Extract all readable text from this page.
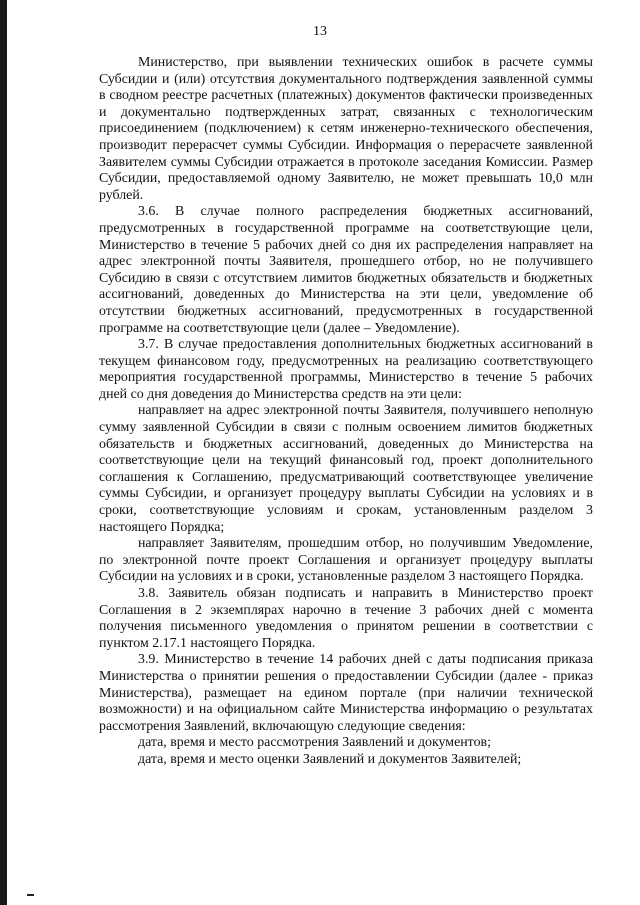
13

Министерство, при выявлении технических ошибок в расчете суммы Субсидии и (или) отсутствия документального подтверждения заявленной суммы в сводном реестре расчетных (платежных) документов фактически произведенных и документально подтвержденных затрат, связанных с технологическим присоединением (подключением) к сетям инженерно-технического обеспечения, производит перерасчет суммы Субсидии. Информация о перерасчете заявленной Заявителем суммы Субсидии отражается в протоколе заседания Комиссии. Размер Субсидии, предоставляемой одному Заявителю, не может превышать 10,0 млн рублей.

3.6. В случае полного распределения бюджетных ассигнований, предусмотренных в государственной программе на соответствующие цели, Министерство в течение 5 рабочих дней со дня их распределения направляет на адрес электронной почты Заявителя, прошедшего отбор, но не получившего Субсидию в связи с отсутствием лимитов бюджетных обязательств и бюджетных ассигнований, доведенных до Министерства на эти цели, уведомление об отсутствии бюджетных ассигнований, предусмотренных в государственной программе на соответствующие цели (далее – Уведомление).

3.7. В случае предоставления дополнительных бюджетных ассигнований в текущем финансовом году, предусмотренных на реализацию соответствующего мероприятия государственной программы, Министерство в течение 5 рабочих дней со дня доведения до Министерства средств на эти цели:

направляет на адрес электронной почты Заявителя, получившего неполную сумму заявленной Субсидии в связи с полным освоением лимитов бюджетных обязательств и бюджетных ассигнований, доведенных до Министерства на соответствующие цели на текущий финансовый год, проект дополнительного соглашения к Соглашению, предусматривающий соответствующее увеличение суммы Субсидии, и организует процедуру выплаты Субсидии на условиях и в сроки, соответствующие условиям и срокам, установленным разделом 3 настоящего Порядка;

направляет Заявителям, прошедшим отбор, но получившим Уведомление, по электронной почте проект Соглашения и организует процедуру выплаты Субсидии на условиях и в сроки, установленные разделом 3 настоящего Порядка.

3.8. Заявитель обязан подписать и направить в Министерство проект Соглашения в 2 экземплярах нарочно в течение 3 рабочих дней с момента получения письменного уведомления о принятом решении в соответствии с пунктом 2.17.1 настоящего Порядка.

3.9. Министерство в течение 14 рабочих дней с даты подписания приказа Министерства о принятии решения о предоставлении Субсидии (далее - приказ Министерства), размещает на едином портале (при наличии технической возможности) и на официальном сайте Министерства информацию о результатах рассмотрения Заявлений, включающую следующие сведения:

дата, время и место рассмотрения Заявлений и документов;

дата, время и место оценки Заявлений и документов Заявителей;
